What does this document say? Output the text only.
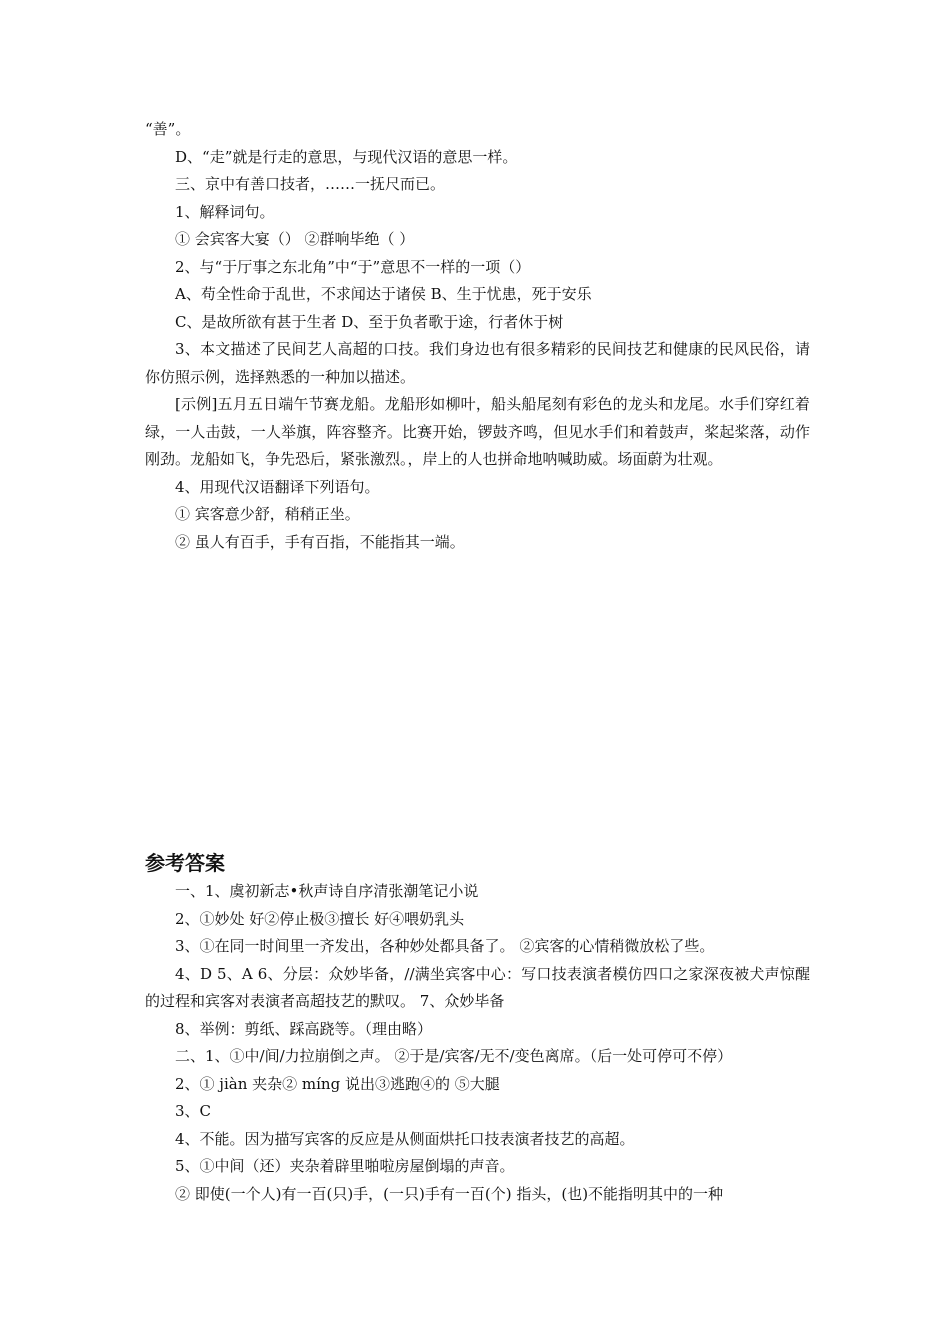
“善”。

D、“走”就是行走的意思，与现代汉语的意思一样。

三、京中有善口技者，……一抚尺而已。

1、解释词句。

① 会宾客大宴（） ②群响毕绝（ ）

2、与“于厅事之东北角”中“于”意思不一样的一项（）

A、苟全性命于乱世，不求闻达于诸侯 B、生于忧患，死于安乐

C、是故所欲有甚于生者 D、至于负者歌于途，行者休于树

3、本文描述了民间艺人高超的口技。我们身边也有很多精彩的民间技艺和健康的民风民俗，请你仿照示例，选择熟悉的一种加以描述。

[示例]五月五日端午节赛龙船。龙船形如柳叶，船头船尾刻有彩色的龙头和龙尾。水手们穿红着绿，一人击鼓，一人举旗，阵容整齐。比赛开始，锣鼓齐鸣，但见水手们和着鼓声，桨起桨落，动作刚劲。龙船如飞，争先恐后，紧张激烈。，岸上的人也拼命地呐喊助威。场面蔚为壮观。

4、用现代汉语翻译下列语句。

① 宾客意少舒，稍稍正坐。

② 虽人有百手，手有百指，不能指其一端。

参考答案

一、1、虞初新志•秋声诗自序清张潮笔记小说

2、①妙处 好②停止极③擅长 好④喂奶乳头

3、①在同一时间里一齐发出，各种妙处都具备了。 ②宾客的心情稍微放松了些。

4、D 5、A 6、分层：众妙毕备，//满坐宾客中心：写口技表演者模仿四口之家深夜被犬声惊醒的过程和宾客对表演者高超技艺的默叹。 7、众妙毕备

8、举例：剪纸、踩高跷等。（理由略）

二、1、①中/间/力拉崩倒之声。 ②于是/宾客/无不/变色离席。（后一处可停可不停）

2、① jiàn 夹杂② míng 说出③逃跑④的 ⑤大腿

3、C

4、不能。因为描写宾客的反应是从侧面烘托口技表演者技艺的高超。

5、①中间（还）夹杂着辟里啪啦房屋倒塌的声音。

② 即使(一个人)有一百(只)手，(一只)手有一百(个) 指头，(也)不能指明其中的一种
